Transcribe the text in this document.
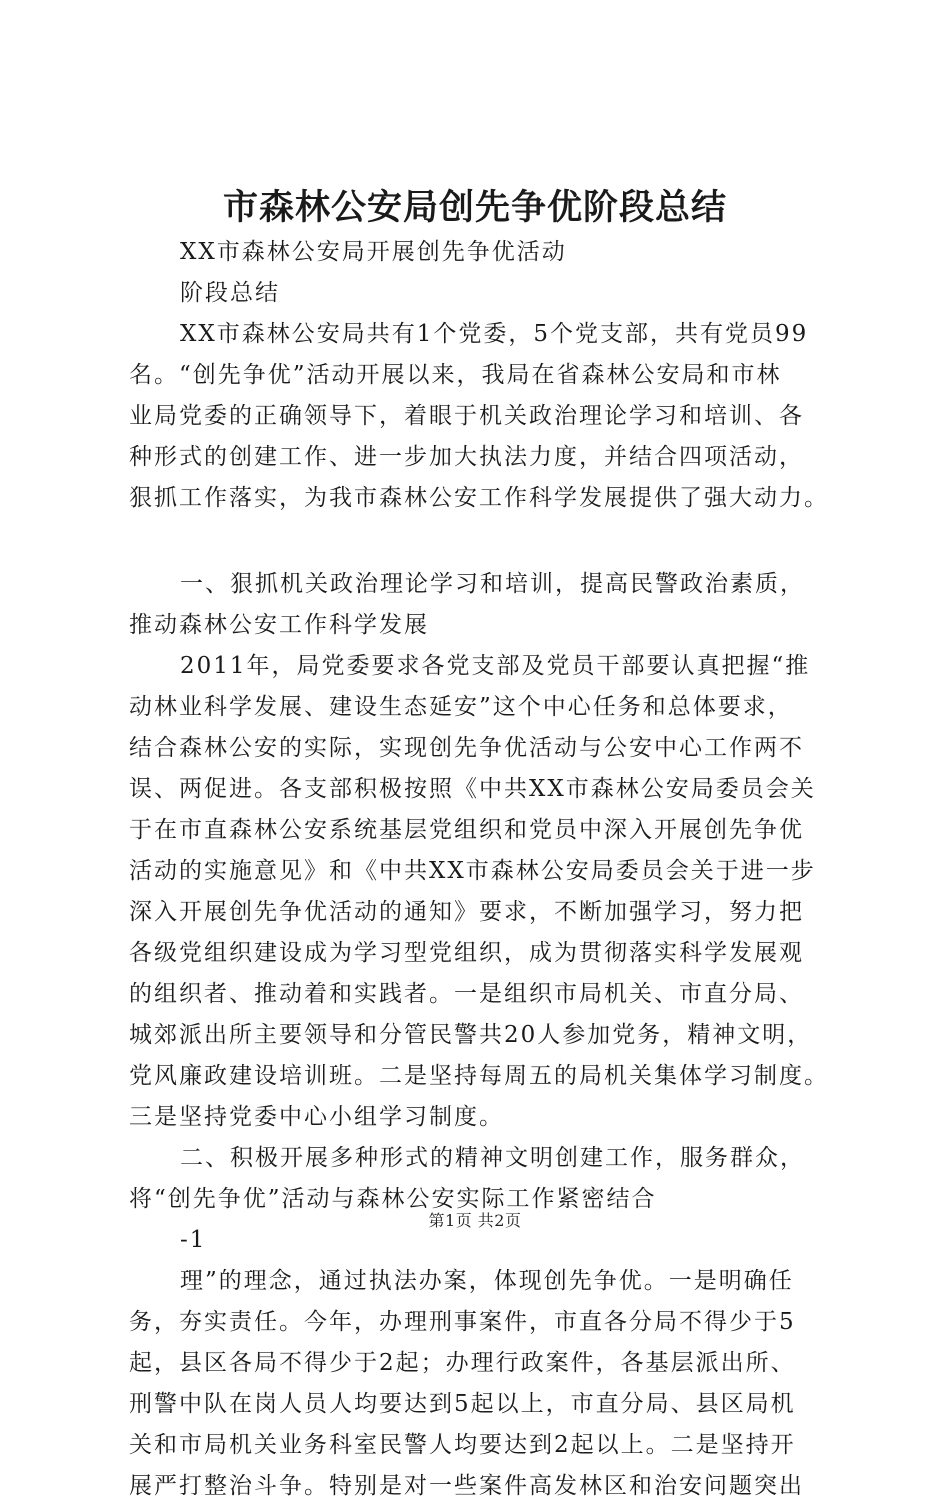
市森林公安局创先争优阶段总结
XX市森林公安局开展创先争优活动
阶段总结
XX市森林公安局共有1个党委，5个党支部，共有党员99
名。“创先争优”活动开展以来，我局在省森林公安局和市林
业局党委的正确领导下，着眼于机关政治理论学习和培训、各
种形式的创建工作、进一步加大执法力度，并结合四项活动，
狠抓工作落实，为我市森林公安工作科学发展提供了强大动力。
一、狠抓机关政治理论学习和培训，提高民警政治素质，
推动森林公安工作科学发展
2011年，局党委要求各党支部及党员干部要认真把握“推
动林业科学发展、建设生态延安”这个中心任务和总体要求，
结合森林公安的实际，实现创先争优活动与公安中心工作两不
误、两促进。各支部积极按照《中共XX市森林公安局委员会关
于在市直森林公安系统基层党组织和党员中深入开展创先争优
活动的实施意见》和《中共XX市森林公安局委员会关于进一步
深入开展创先争优活动的通知》要求，不断加强学习，努力把
各级党组织建设成为学习型党组织，成为贯彻落实科学发展观
的组织者、推动着和实践者。一是组织市局机关、市直分局、
城郊派出所主要领导和分管民警共20人参加党务，精神文明，
党风廉政建设培训班。二是坚持每周五的局机关集体学习制度。
三是坚持党委中心小组学习制度。
二、积极开展多种形式的精神文明创建工作，服务群众，
将“创先争优”活动与森林公安实际工作紧密结合
-1
理”的理念，通过执法办案，体现创先争优。一是明确任
务，夯实责任。今年，办理刑事案件，市直各分局不得少于5
起，县区各局不得少于2起；办理行政案件，各基层派出所、
刑警中队在岗人员人均要达到5起以上，市直分局、县区局机
关和市局机关业务科室民警人均要达到2起以上。二是坚持开
展严打整治斗争。特别是对一些案件高发林区和治安问题突出
第1页 共2页
